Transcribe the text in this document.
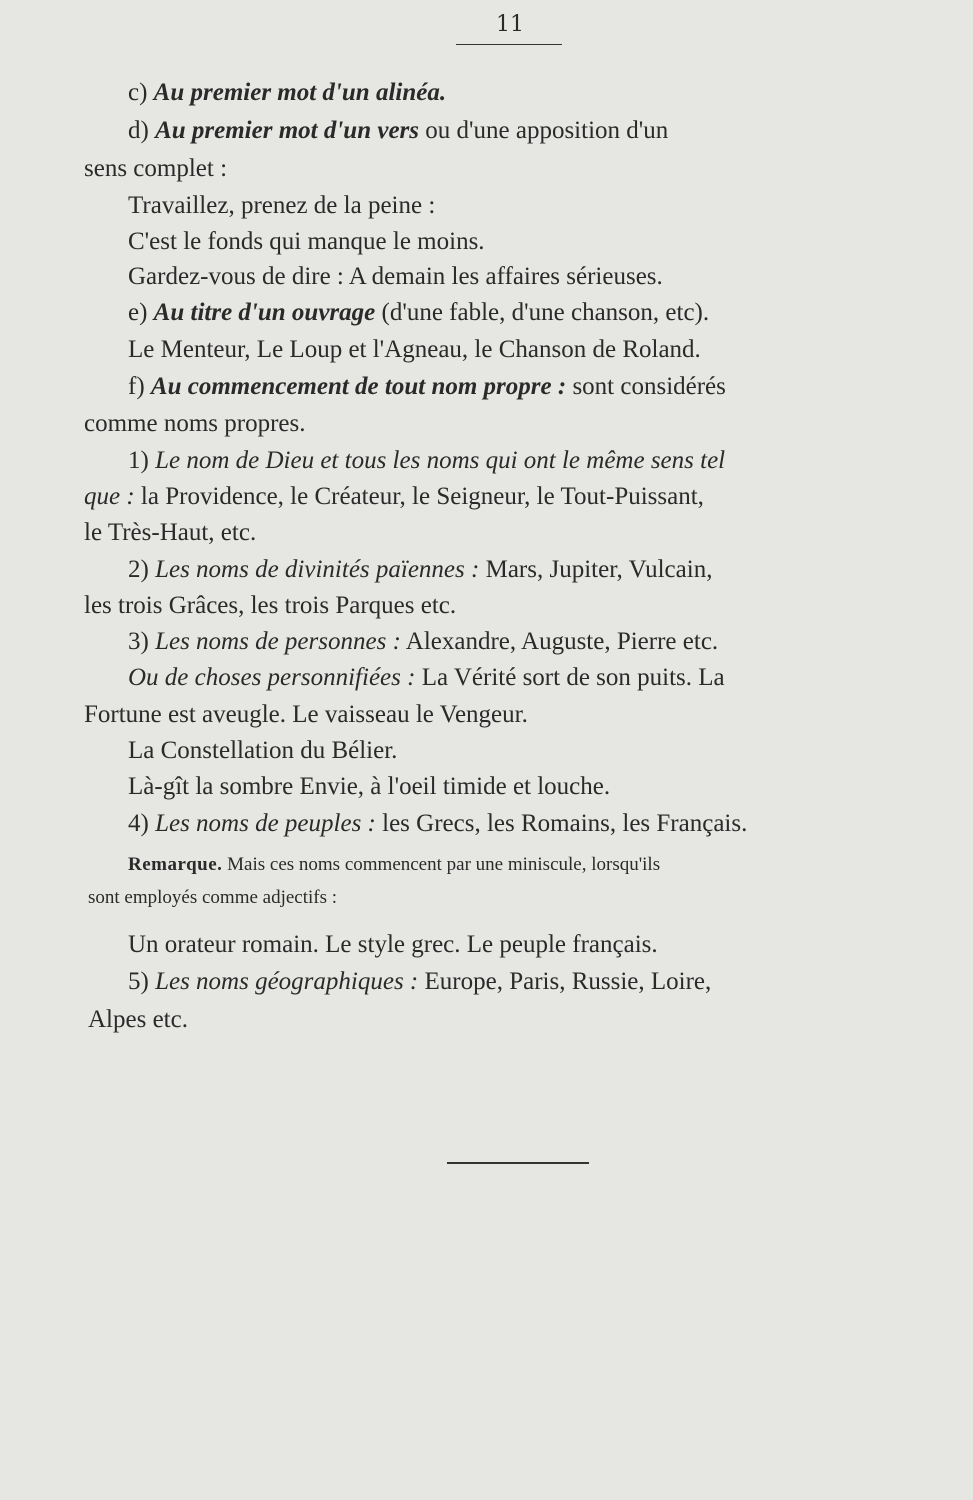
11
c) Au premier mot d'un alinéa.
d) Au premier mot d'un vers ou d'une apposition d'un
sens complet :
Travaillez, prenez de la peine :
C'est le fonds qui manque le moins.
Gardez-vous de dire : A demain les affaires sérieuses.
e) Au titre d'un ouvrage (d'une fable, d'une chanson, etc).
Le Menteur, Le Loup et l'Agneau, le Chanson de Roland.
f) Au commencement de tout nom propre : sont considérés
comme noms propres.
1) Le nom de Dieu et tous les noms qui ont le même sens tel
que : la Providence, le Créateur, le Seigneur, le Tout-Puissant,
le Très-Haut, etc.
2) Les noms de divinités païennes : Mars, Jupiter, Vulcain,
les trois Grâces, les trois Parques etc.
3) Les noms de personnes : Alexandre, Auguste, Pierre etc.
Ou de choses personnifiées : La Vérité sort de son puits. La
Fortune est aveugle. Le vaisseau le Vengeur.
La Constellation du Bélier.
Là-gît la sombre Envie, à l'oeil timide et louche.
4) Les noms de peuples : les Grecs, les Romains, les Français.
Remarque. Mais ces noms commencent par une miniscule, lorsqu'ils
sont employés comme adjectifs :
Un orateur romain. Le style grec. Le peuple français.
5) Les noms géographiques : Europe, Paris, Russie, Loire,
Alpes etc.
